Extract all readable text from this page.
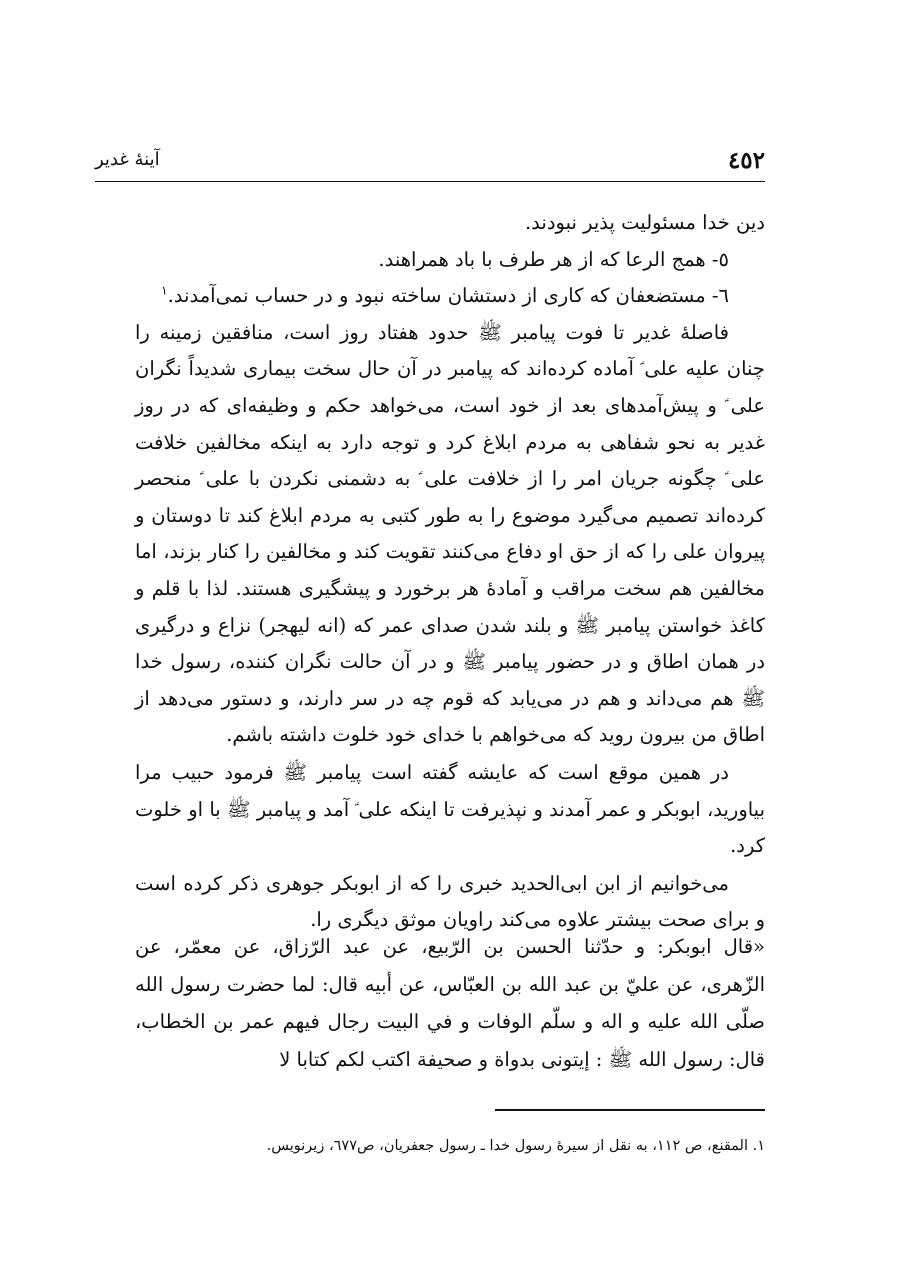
٤٥٢
آینهٔ غدیر

دین خدا مسئولیت پذیر نبودند.

٥- همج الرعا که از هر طرف با باد همراهند.

٦- مستضعفان که کاری از دستشان ساخته نبود و در حساب نمی‌آمدند.$^١$

فاصلهٔ غدیر تا فوت پیامبر ﷺ حدود هفتاد روز است، منافقین زمینه را چنان علیه علی ؑ آماده کرده‌اند که پیامبر در آن حال سخت بیماری شدیداً نگران علی ؑ و پیش‌آمدهای بعد از خود است، می‌خواهد حکم و وظیفه‌ای که در روز غدیر به نحو شفاهی به مردم ابلاغ کرد و توجه دارد به اینکه مخالفین خلافت علی ؑ چگونه جریان امر را از خلافت علی ؑ به دشمنی نکردن با علی ؑ منحصر کرده‌اند تصمیم می‌گیرد موضوع را به طور کتبی به مردم ابلاغ کند تا دوستان و پیروان علی را که از حق او دفاع می‌کنند تقویت کند و مخالفین را کنار بزند، اما مخالفین هم سخت مراقب و آمادهٔ هر برخورد و پیشگیری هستند. لذا با قلم و کاغذ خواستن پیامبر ﷺ و بلند شدن صدای عمر که (انه لیهجر) نزاع و درگیری در همان اطاق و در حضور پیامبر ﷺ و در آن حالت نگران کننده، رسول خدا ﷺ هم می‌داند و هم در می‌یابد که قوم چه در سر دارند، و دستور می‌دهد از اطاق من بیرون روید که می‌خواهم با خدای خود خلوت داشته باشم.

در همین موقع است که عایشه گفته است پیامبر ﷺ فرمود حبیب مرا بیاورید، ابوبکر و عمر آمدند و نپذیرفت تا اینکه علی ؑ آمد و پیامبر ﷺ با او خلوت کرد.

می‌خوانیم از ابن ابی‌الحدید خبری را که از ابوبکر جوهری ذکر کرده است و برای صحت بیشتر علاوه می‌کند راویان موثق دیگری را.

«قال ابوبکر: و حدّثنا الحسن بن الرّبیع، عن عبد الرّزاق، عن معمّر، عن الزّهری، عن عليّ بن عبد الله بن العبّاس، عن أبیه قال: لما حضرت رسول الله صلّی الله علیه و اله و سلّم الوفات و في البیت رجال فیهم عمر بن الخطاب، قال: رسول الله ﷺ : إیتونی بدواة و صحیفة اکتب لکم کتابا لا

١. المقنع، ص ١١٢، به نقل از سیرهٔ رسول خدا ـ رسول جعفریان، ص٦٧٧، زیرنویس.
